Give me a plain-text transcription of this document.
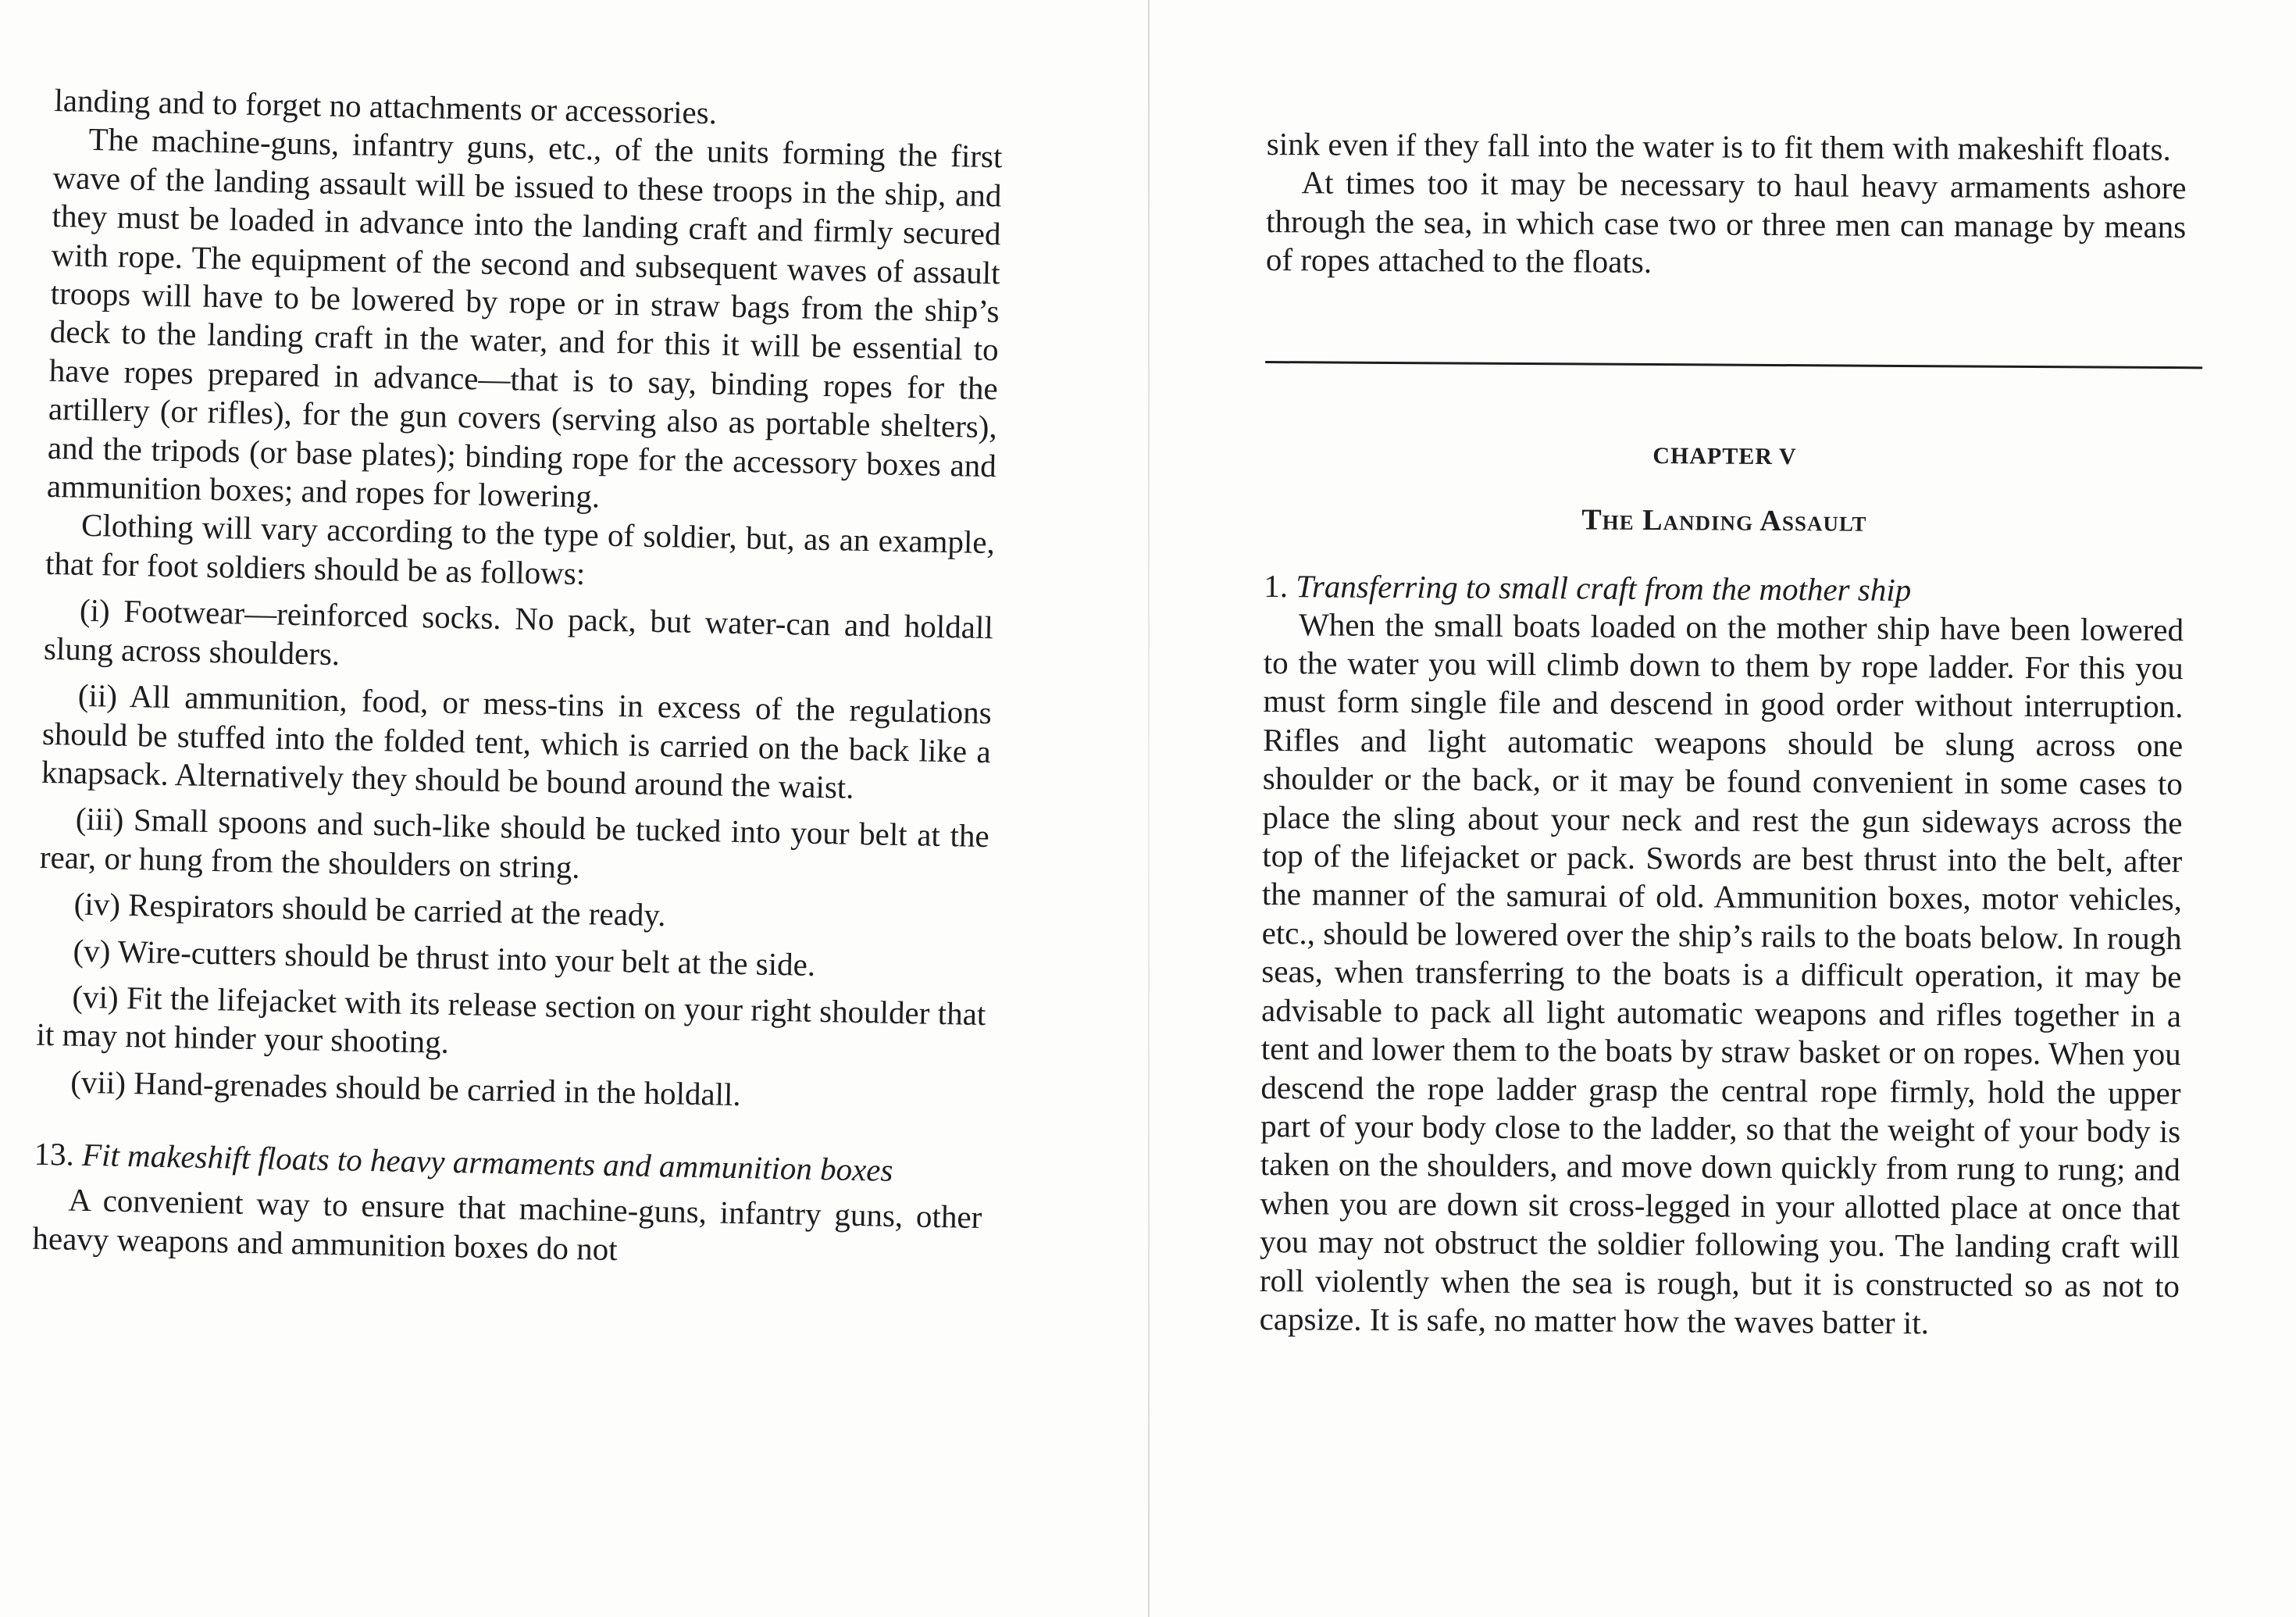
landing and to forget no attachments or accessories.

The machine-guns, infantry guns, etc., of the units forming the first wave of the landing assault will be issued to these troops in the ship, and they must be loaded in advance into the landing craft and firmly secured with rope. The equipment of the second and subsequent waves of assault troops will have to be lowered by rope or in straw bags from the ship’s deck to the landing craft in the water, and for this it will be essential to have ropes prepared in advance—that is to say, binding ropes for the artillery (or rifles), for the gun covers (serving also as portable shelters), and the tripods (or base plates); binding rope for the accessory boxes and ammunition boxes; and ropes for lowering.

Clothing will vary according to the type of soldier, but, as an example, that for foot soldiers should be as follows:

(i) Footwear—reinforced socks. No pack, but water-can and holdall slung across shoulders.

(ii) All ammunition, food, or mess-tins in excess of the regulations should be stuffed into the folded tent, which is carried on the back like a knapsack. Alternatively they should be bound around the waist.

(iii) Small spoons and such-like should be tucked into your belt at the rear, or hung from the shoulders on string.

(iv) Respirators should be carried at the ready.

(v) Wire-cutters should be thrust into your belt at the side.

(vi) Fit the lifejacket with its release section on your right shoulder that it may not hinder your shooting.

(vii) Hand-grenades should be carried in the holdall.

13. Fit makeshift floats to heavy armaments and ammunition boxes

A convenient way to ensure that machine-guns, infantry guns, other heavy weapons and ammunition boxes do not

sink even if they fall into the water is to fit them with makeshift floats.

At times too it may be necessary to haul heavy armaments ashore through the sea, in which case two or three men can manage by means of ropes attached to the floats.

CHAPTER V
The Landing Assault
1. Transferring to small craft from the mother ship

When the small boats loaded on the mother ship have been lowered to the water you will climb down to them by rope ladder. For this you must form single file and descend in good order without interruption. Rifles and light automatic weapons should be slung across one shoulder or the back, or it may be found convenient in some cases to place the sling about your neck and rest the gun sideways across the top of the lifejacket or pack. Swords are best thrust into the belt, after the manner of the samurai of old. Ammunition boxes, motor vehicles, etc., should be lowered over the ship’s rails to the boats below. In rough seas, when transferring to the boats is a difficult operation, it may be advisable to pack all light automatic weapons and rifles together in a tent and lower them to the boats by straw basket or on ropes. When you descend the rope ladder grasp the central rope firmly, hold the upper part of your body close to the ladder, so that the weight of your body is taken on the shoulders, and move down quickly from rung to rung; and when you are down sit cross-legged in your allotted place at once that you may not obstruct the soldier following you. The landing craft will roll violently when the sea is rough, but it is constructed so as not to capsize. It is safe, no matter how the waves batter it.
